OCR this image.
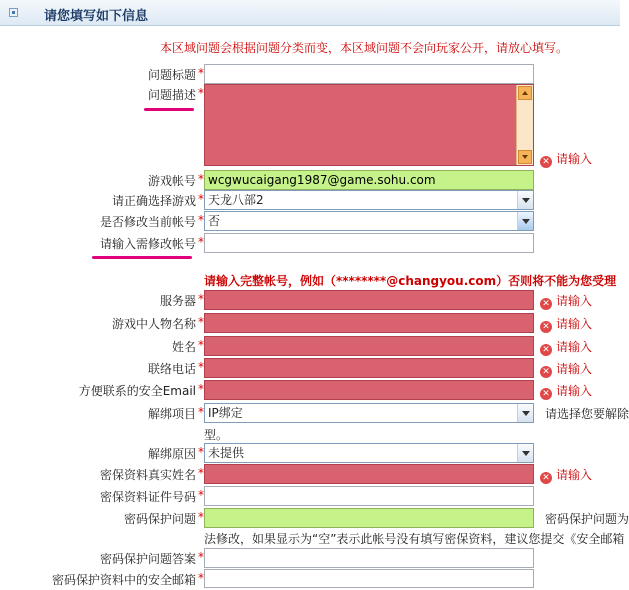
请您填写如下信息
本区域问题会根据问题分类而变，本区域问题不会向玩家公开，请放心填写。
问题标题 *
问题描述 *
✕ 请输入
游戏帐号 * wcgwucaigang1987@game.sohu.com
请正确选择游戏 * 天龙八部2
是否修改当前帐号 * 否
请输入需修改帐号 *
请输入完整帐号，例如（********@changyou.com）否则将不能为您受理
服务器 *	✕ 请输入
游戏中人物名称 *	✕ 请输入
姓名 *	✕ 请输入
联络电话 *	✕ 请输入
方便联系的安全Email *	✕ 请输入
解绑项目 * IP绑定	请选择您要解除
型。
解绑原因 * 未提供
密保资料真实姓名 *	✕ 请输入
密保资料证件号码 *
密码保护问题 *	密码保护问题为
法修改，如果显示为“空”表示此帐号没有填写密保资料，建议您提交《安全邮箱
密码保护问题答案 *
密码保护资料中的安全邮箱 *
